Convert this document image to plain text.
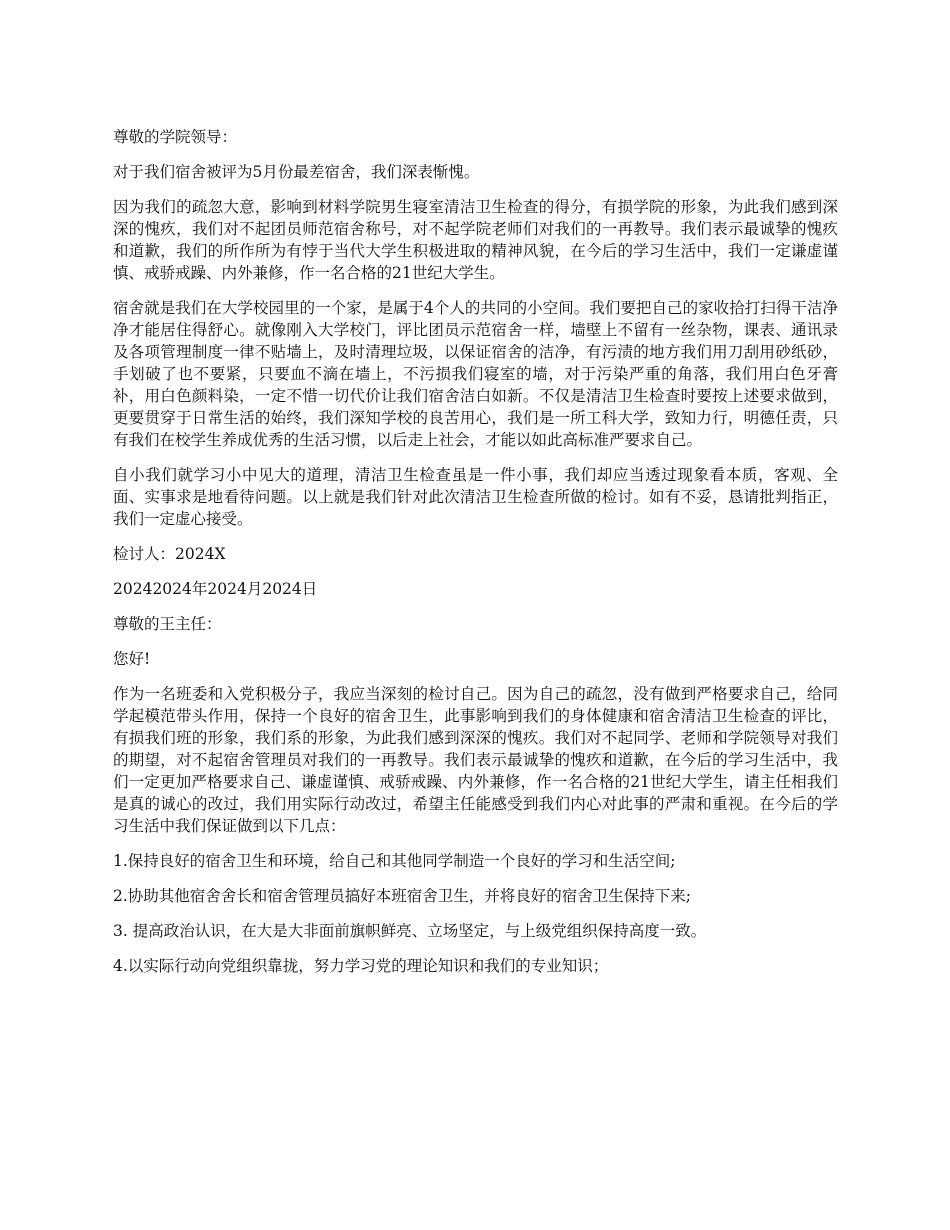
尊敬的学院领导：

对于我们宿舍被评为5月份最差宿舍，我们深表惭愧。

因为我们的疏忽大意，影响到材料学院男生寝室清洁卫生检查的得分，有损学院的形象，为此我们感到深深的愧疚，我们对不起团员师范宿舍称号，对不起学院老师们对我们的一再教导。我们表示最诚挚的愧疚和道歉，我们的所作所为有悖于当代大学生积极进取的精神风貌，在今后的学习生活中，我们一定谦虚谨慎、戒骄戒躁、内外兼修，作一名合格的21世纪大学生。

宿舍就是我们在大学校园里的一个家，是属于4个人的共同的小空间。我们要把自己的家收拾打扫得干洁净净才能居住得舒心。就像刚入大学校门，评比团员示范宿舍一样，墙壁上不留有一丝杂物，课表、通讯录及各项管理制度一律不贴墙上，及时清理垃圾，以保证宿舍的洁净，有污渍的地方我们用刀刮用砂纸砂，手划破了也不要紧，只要血不滴在墙上，不污损我们寝室的墙，对于污染严重的角落，我们用白色牙膏补，用白色颜料染，一定不惜一切代价让我们宿舍洁白如新。不仅是清洁卫生检查时要按上述要求做到，更要贯穿于日常生活的始终，我们深知学校的良苦用心，我们是一所工科大学，致知力行，明德任责，只有我们在校学生养成优秀的生活习惯，以后走上社会，才能以如此高标准严要求自己。

自小我们就学习小中见大的道理，清洁卫生检查虽是一件小事，我们却应当透过现象看本质，客观、全面、实事求是地看待问题。以上就是我们针对此次清洁卫生检查所做的检讨。如有不妥，恳请批判指正，我们一定虚心接受。

检讨人：2024X

20242024年2024月2024日

尊敬的王主任：

您好!

作为一名班委和入党积极分子，我应当深刻的检讨自己。因为自己的疏忽，没有做到严格要求自己，给同学起模范带头作用，保持一个良好的宿舍卫生，此事影响到我们的身体健康和宿舍清洁卫生检查的评比，有损我们班的形象，我们系的形象，为此我们感到深深的愧疚。我们对不起同学、老师和学院领导对我们的期望，对不起宿舍管理员对我们的一再教导。我们表示最诚挚的愧疚和道歉，在今后的学习生活中，我们一定更加严格要求自己、谦虚谨慎、戒骄戒躁、内外兼修，作一名合格的21世纪大学生，请主任相我们是真的诚心的改过，我们用实际行动改过，希望主任能感受到我们内心对此事的严肃和重视。在今后的学习生活中我们保证做到以下几点：

1.保持良好的宿舍卫生和环境，给自己和其他同学制造一个良好的学习和生活空间;

2.协助其他宿舍舍长和宿舍管理员搞好本班宿舍卫生，并将良好的宿舍卫生保持下来;

3. 提高政治认识，在大是大非面前旗帜鲜亮、立场坚定，与上级党组织保持高度一致。

4.以实际行动向党组织靠拢，努力学习党的理论知识和我们的专业知识；
